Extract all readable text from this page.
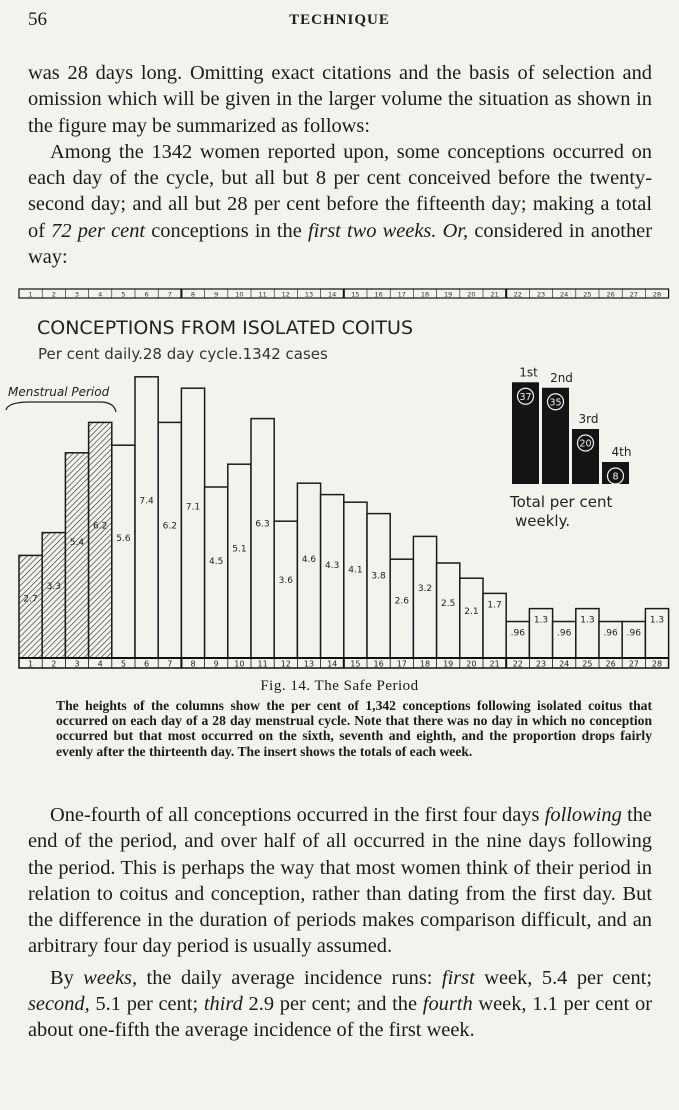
56	TECHNIQUE

was 28 days long. Omitting exact citations and the basis of selection and omission which will be given in the larger volume the situation as shown in the figure may be summarized as follows:

Among the 1342 women reported upon, some conceptions occurred on each day of the cycle, but all but 8 per cent conceived before the twenty-second day; and all but 28 per cent before the fifteenth day; making a total of 72 per cent conceptions in the first two weeks. Or, considered in another way:

1	2	3	4	5	6	7	8	9	10 11 12 13 14 15 16 17 18 19 20 21 22 23 24 25 26 27 28
CONCEPTIONS FROM ISOLATED COITUS
Per cent daily.28 day cycle.1342 cases
Menstrual Period
2.7
3.3
5.4
6.2
5.6
7.4
6.2
7.1
4.5
5.1
6.3
3.6
4.6
4.3 4.1
3.8
2.6
3.2
2.5
2.1
1.7
.96
1.3
.96
1.3
.96 .96
1.3
1 2 3 4 5 6 7 8 9 10 11 12 13 14 15 16 17 18 19 20 21 22 23 24 25 26 27 28
37
1st
35
2nd
20
3rd
8
4th
Total per cent
weekly.
Fig. 14. The Safe Period
The heights of the columns show the per cent of 1,342 conceptions following isolated coitus that occurred on each day of a 28 day menstrual cycle. Note that there was no day in which no conception occurred but that most occurred on the sixth, seventh and eighth, and the proportion drops fairly evenly after the thirteenth day. The insert shows the totals of each week.

One-fourth of all conceptions occurred in the first four days following the end of the period, and over half of all occurred in the nine days following the period. This is perhaps the way that most women think of their period in relation to coitus and conception, rather than dating from the first day. But the difference in the duration of periods makes comparison difficult, and an arbitrary four day period is usually assumed.

By weeks, the daily average incidence runs: first week, 5.4 per cent; second, 5.1 per cent; third 2.9 per cent; and the fourth week, 1.1 per cent or about one-fifth the average incidence of the first week.
